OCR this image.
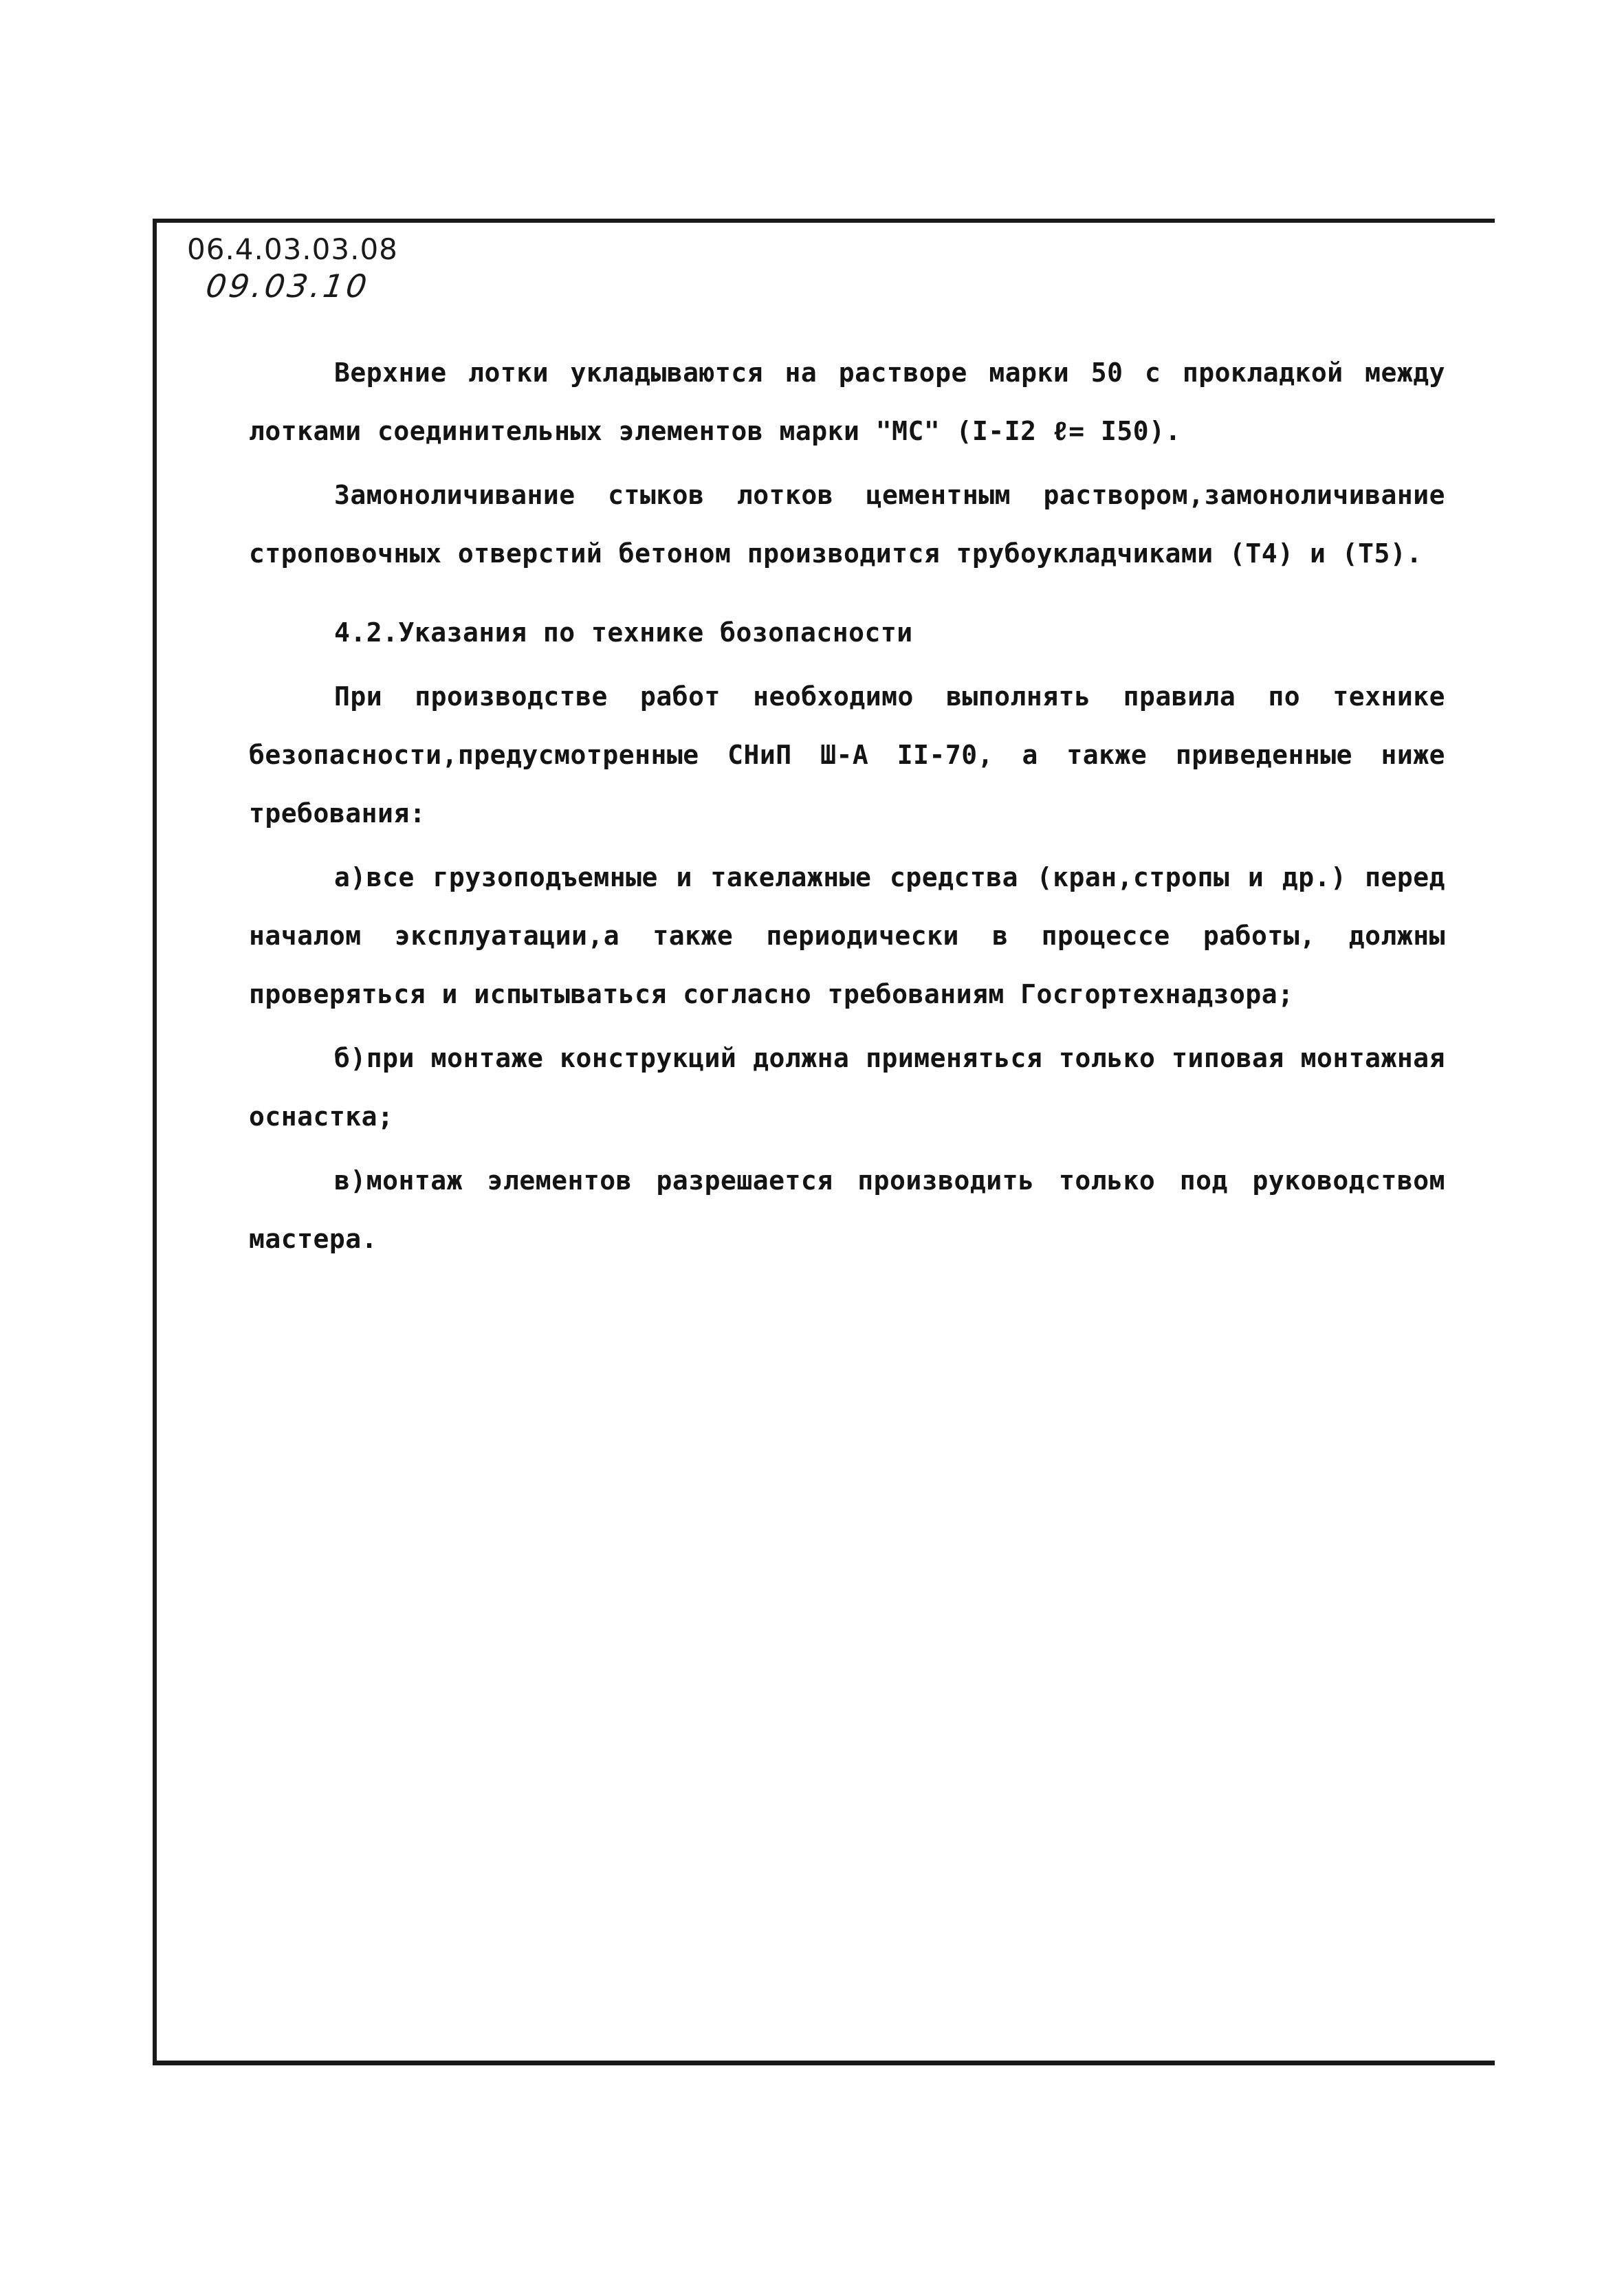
06.4.03.03.08
09.03.10

Верхние лотки укладываются на растворе марки 50 с прокладкой между лотками соединительных элементов марки "МС" (I-I2 ℓ= I50).

Замоноличивание стыков лотков цементным раствором,замоноличивание строповочных отверстий бетоном производится трубоукладчиками (Т4) и (Т5).

4.2.Указания по технике бозопасности

При производстве работ необходимо выполнять правила по технике безопасности,предусмотренные СНиП Ш-А II-70, а также приведенные ниже требования:

а)все грузоподъемные и такелажные средства (кран,стропы и др.) перед началом эксплуатации,а также периодически в процессе работы, должны проверяться и испытываться согласно требованиям Госгортехнадзора;

б)при монтаже конструкций должна применяться только типовая монтажная оснастка;

в)монтаж элементов разрешается производить только под руководством мастера.
